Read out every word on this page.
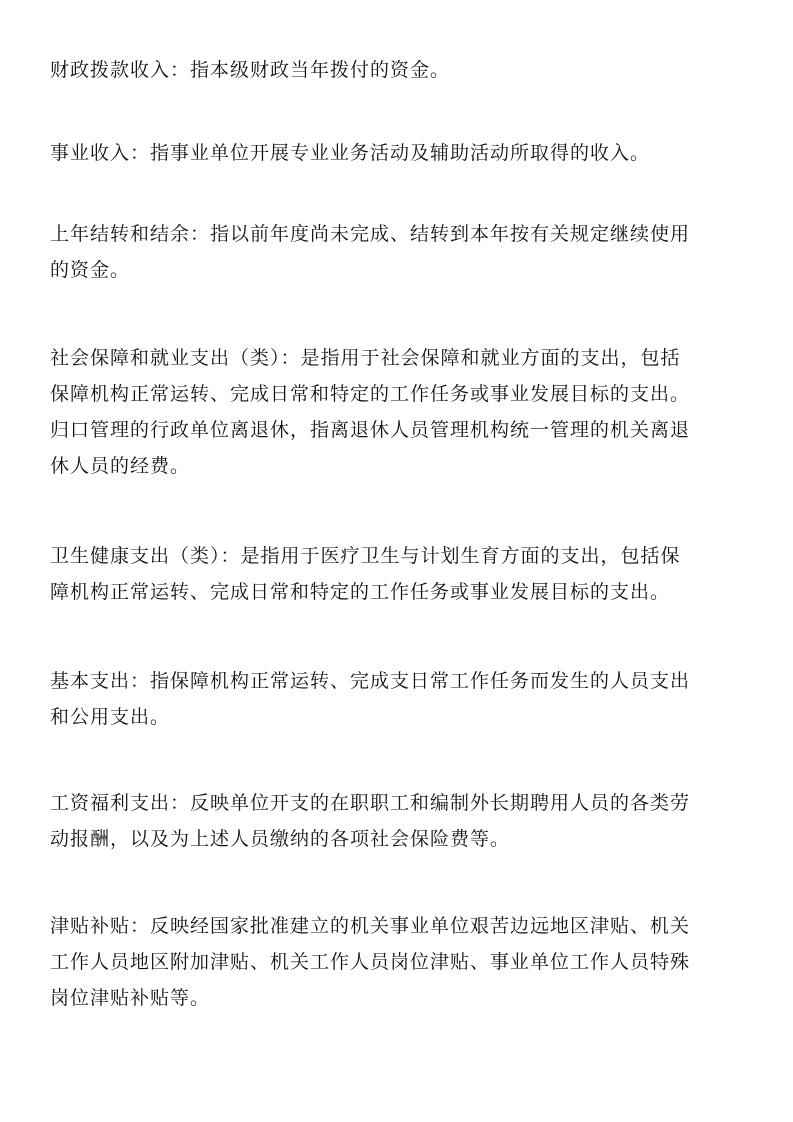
财政拨款收入：指本级财政当年拨付的资金。

事业收入：指事业单位开展专业业务活动及辅助活动所取得的收入。

上年结转和结余：指以前年度尚未完成、结转到本年按有关规定继续使用
的资金。

社会保障和就业支出（类）：是指用于社会保障和就业方面的支出，包括
保障机构正常运转、完成日常和特定的工作任务或事业发展目标的支出。
归口管理的行政单位离退休，指离退休人员管理机构统一管理的机关离退
休人员的经费。

卫生健康支出（类）：是指用于医疗卫生与计划生育方面的支出，包括保
障机构正常运转、完成日常和特定的工作任务或事业发展目标的支出。

基本支出：指保障机构正常运转、完成支日常工作任务而发生的人员支出
和公用支出。

工资福利支出：反映单位开支的在职职工和编制外长期聘用人员的各类劳
动报酬，以及为上述人员缴纳的各项社会保险费等。

津贴补贴：反映经国家批准建立的机关事业单位艰苦边远地区津贴、机关
工作人员地区附加津贴、机关工作人员岗位津贴、事业单位工作人员特殊
岗位津贴补贴等。
